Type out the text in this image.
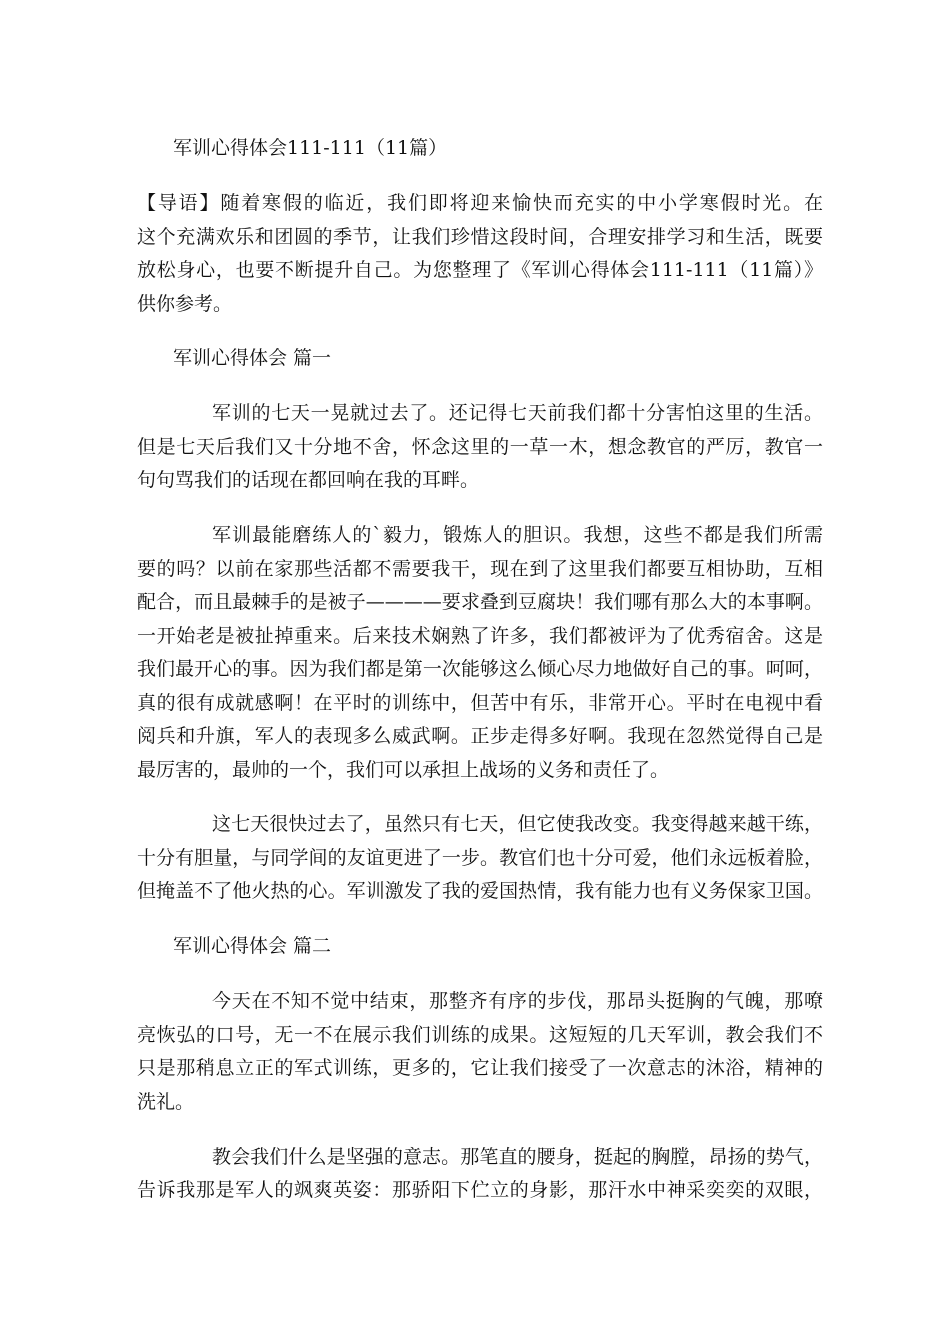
军训心得体会111-111（11篇）
【导语】随着寒假的临近，我们即将迎来愉快而充实的中小学寒假时光。在
这个充满欢乐和团圆的季节，让我们珍惜这段时间，合理安排学习和生活，既要
放松身心，也要不断提升自己。为您整理了《军训心得体会111-111（11篇）》
供你参考。
军训心得体会 篇一
军训的七天一晃就过去了。还记得七天前我们都十分害怕这里的生活。
但是七天后我们又十分地不舍，怀念这里的一草一木，想念教官的严厉，教官一
句句骂我们的话现在都回响在我的耳畔。
军训最能磨练人的`毅力，锻炼人的胆识。我想，这些不都是我们所需
要的吗？以前在家那些活都不需要我干，现在到了这里我们都要互相协助，互相
配合，而且最棘手的是被子————要求叠到豆腐块！我们哪有那么大的本事啊。
一开始老是被扯掉重来。后来技术娴熟了许多，我们都被评为了优秀宿舍。这是
我们最开心的事。因为我们都是第一次能够这么倾心尽力地做好自己的事。呵呵，
真的很有成就感啊！在平时的训练中，但苦中有乐，非常开心。平时在电视中看
阅兵和升旗，军人的表现多么威武啊。正步走得多好啊。我现在忽然觉得自己是
最厉害的，最帅的一个，我们可以承担上战场的义务和责任了。
这七天很快过去了，虽然只有七天，但它使我改变。我变得越来越干练，
十分有胆量，与同学间的友谊更进了一步。教官们也十分可爱，他们永远板着脸，
但掩盖不了他火热的心。军训激发了我的爱国热情，我有能力也有义务保家卫国。
军训心得体会 篇二
今天在不知不觉中结束，那整齐有序的步伐，那昂头挺胸的气魄，那嘹
亮恢弘的口号，无一不在展示我们训练的成果。这短短的几天军训，教会我们不
只是那稍息立正的军式训练，更多的，它让我们接受了一次意志的沐浴，精神的
洗礼。
教会我们什么是坚强的意志。那笔直的腰身，挺起的胸膛，昂扬的势气，
告诉我那是军人的飒爽英姿：那骄阳下伫立的身影，那汗水中神采奕奕的双眼，
